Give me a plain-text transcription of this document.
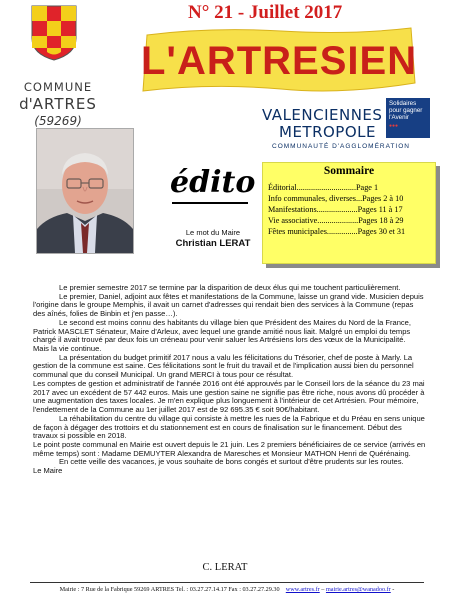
COMMUNE
d'ARTRES
(59269)
N° 21 - Juillet 2017
L'ARTRESIEN
VALENCIENNES
METROPOLE
COMMUNAUTÉ D'AGGLOMÉRATION
Solidaires pour gagner l'Avenir
●●●
édito
Le mot du Maire
Christian LERAT
Sommaire
Éditorial.............................Page 1
Info communales, diverses...Pages 2 à 10
Manifestations....................Pages 11 à 17
Vie associative....................Pages 18 à 29
Fêtes municipales...............Pages 30 et 31

Le premier semestre 2017 se termine par la disparition de deux élus qui me touchent particulièrement.

Le premier, Daniel, adjoint aux fêtes et manifestations de la Commune, laisse un grand vide. Musicien depuis l'origine dans le groupe Memphis, il avait un carnet d'adresses qui rendait bien des services à la Commune (repas des aînés, folies de Binbin et j'en passe…).

Le second est moins connu des habitants du village bien que Président des Maires du Nord de la France, Patrick MASCLET Sénateur, Maire d'Arleux, avec lequel une grande amitié nous liait. Malgré un emploi du temps chargé il avait trouvé par deux fois un créneau pour venir saluer les Artrésiens lors des vœux de la Municipalité.

Mais la vie continue.

La présentation du budget primitif 2017 nous a valu les félicitations du Trésorier, chef de poste à Marly. La gestion de la commune est saine. Ces félicitations sont le fruit du travail et de l'implication aussi bien du personnel communal que du conseil Municipal. Un grand MERCI à tous pour ce résultat.

Les comptes de gestion et administratif de l'année 2016 ont été approuvés par le Conseil lors de la séance du 23 mai 2017 avec un excédent de 57 442 euros. Mais une gestion saine ne signifie pas être riche, nous avons dû procéder à une augmentation des taxes locales. Je m'en explique plus longuement à l'intérieur de cet Artrésien. Pour mémoire, l'endettement de la Commune au 1er juillet 2017 est de 92 695.35 € soit 90€/habitant.

La réhabilitation du centre du village qui consiste à mettre les rues de la Fabrique et du Préau en sens unique de façon à dégager des trottoirs et du stationnement est en cours de finalisation sur le financement. Début des travaux si possible en 2018.

Le point poste communal en Mairie est ouvert depuis le 21 juin. Les 2 premiers bénéficiaires de ce service (arrivés en même temps) sont : Madame DEMUYTER Alexandra de Maresches et Monsieur MATHON Henri de Quérénaing.

En cette veille des vacances, je vous souhaite de bons congés et surtout d'être prudents sur les routes.

Le Maire

C. LERAT
Mairie : 7 Rue de la Fabrique 59269 ARTRES Tel. : 03.27.27.14.17 Fax : 03.27.27.29.30 www.artres.fr – mairie.artres@wanadoo.fr -
